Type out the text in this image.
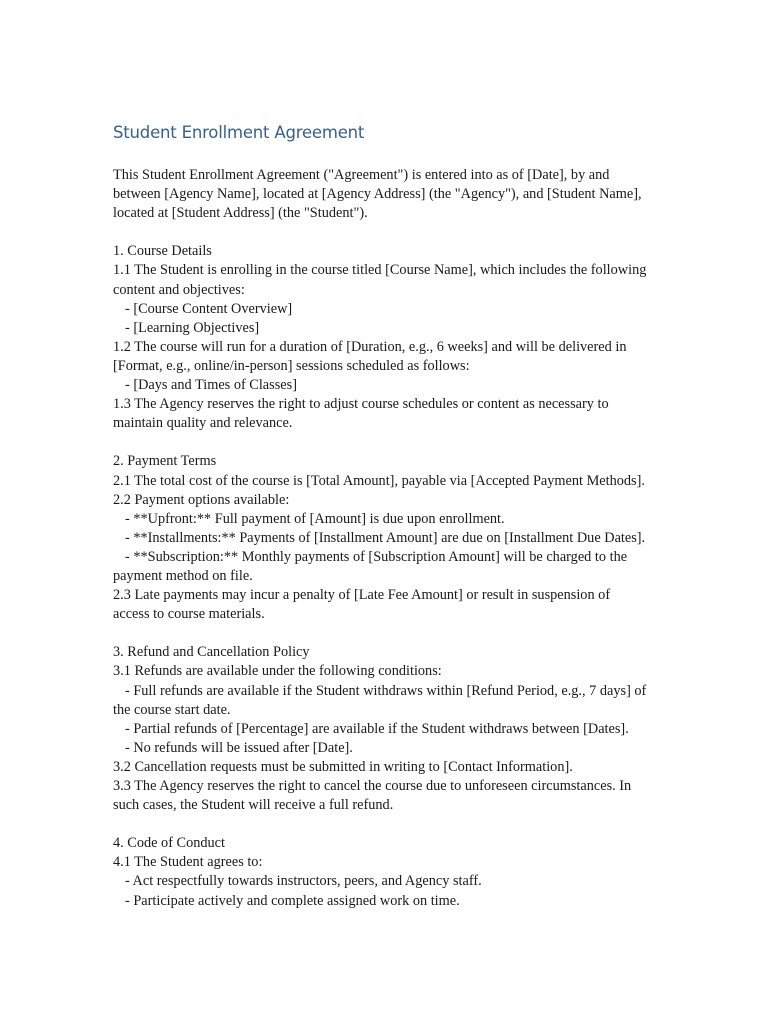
Student Enrollment Agreement
This Student Enrollment Agreement ("Agreement") is entered into as of [Date], by and
between [Agency Name], located at [Agency Address] (the "Agency"), and [Student Name],
located at [Student Address] (the "Student").
1. Course Details
1.1 The Student is enrolling in the course titled [Course Name], which includes the following
content and objectives:
- [Course Content Overview]
- [Learning Objectives]
1.2 The course will run for a duration of [Duration, e.g., 6 weeks] and will be delivered in
[Format, e.g., online/in-person] sessions scheduled as follows:
- [Days and Times of Classes]
1.3 The Agency reserves the right to adjust course schedules or content as necessary to
maintain quality and relevance.
2. Payment Terms
2.1 The total cost of the course is [Total Amount], payable via [Accepted Payment Methods].
2.2 Payment options available:
- **Upfront:** Full payment of [Amount] is due upon enrollment.
- **Installments:** Payments of [Installment Amount] are due on [Installment Due Dates].
- **Subscription:** Monthly payments of [Subscription Amount] will be charged to the
payment method on file.
2.3 Late payments may incur a penalty of [Late Fee Amount] or result in suspension of
access to course materials.
3. Refund and Cancellation Policy
3.1 Refunds are available under the following conditions:
- Full refunds are available if the Student withdraws within [Refund Period, e.g., 7 days] of
the course start date.
- Partial refunds of [Percentage] are available if the Student withdraws between [Dates].
- No refunds will be issued after [Date].
3.2 Cancellation requests must be submitted in writing to [Contact Information].
3.3 The Agency reserves the right to cancel the course due to unforeseen circumstances. In
such cases, the Student will receive a full refund.
4. Code of Conduct
4.1 The Student agrees to:
- Act respectfully towards instructors, peers, and Agency staff.
- Participate actively and complete assigned work on time.
